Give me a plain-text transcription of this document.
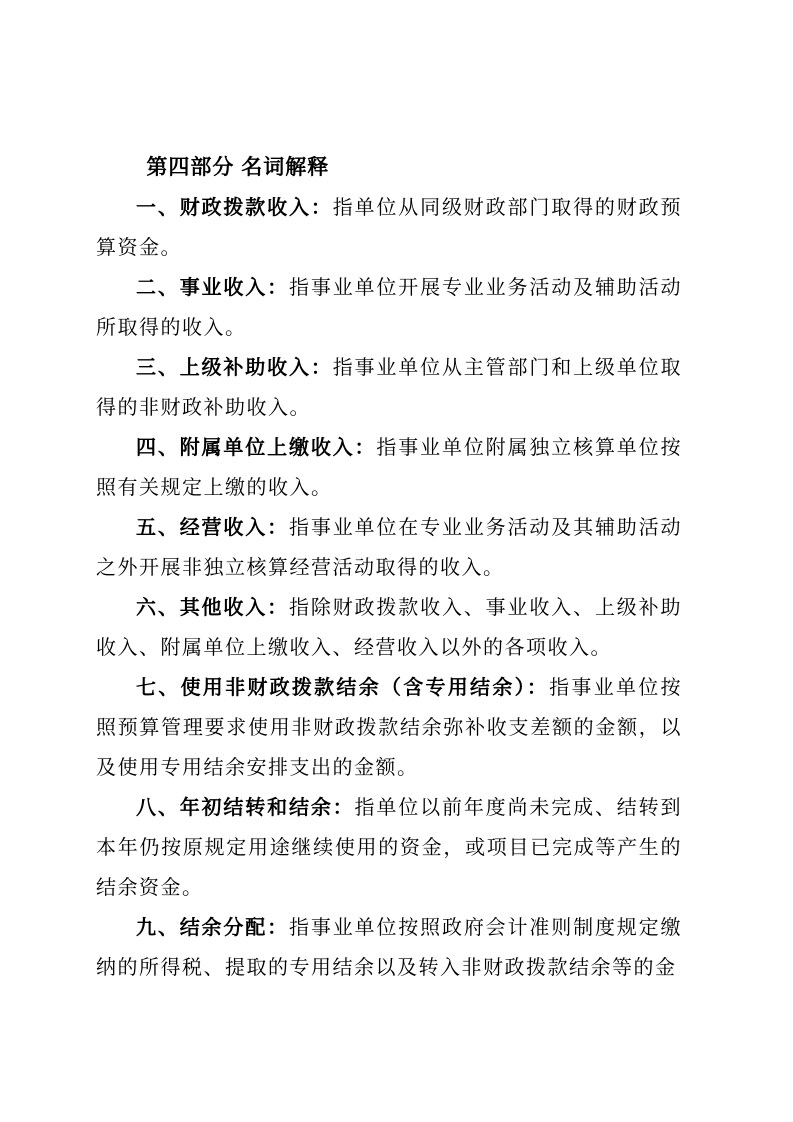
第四部分 名词解释

一、财政拨款收入：指单位从同级财政部门取得的财政预算资金。

二、事业收入：指事业单位开展专业业务活动及辅助活动所取得的收入。

三、上级补助收入：指事业单位从主管部门和上级单位取得的非财政补助收入。

四、附属单位上缴收入：指事业单位附属独立核算单位按照有关规定上缴的收入。

五、经营收入：指事业单位在专业业务活动及其辅助活动之外开展非独立核算经营活动取得的收入。

六、其他收入：指除财政拨款收入、事业收入、上级补助收入、附属单位上缴收入、经营收入以外的各项收入。

七、使用非财政拨款结余（含专用结余）：指事业单位按照预算管理要求使用非财政拨款结余弥补收支差额的金额，以及使用专用结余安排支出的金额。

八、年初结转和结余：指单位以前年度尚未完成、结转到本年仍按原规定用途继续使用的资金，或项目已完成等产生的结余资金。

九、结余分配：指事业单位按照政府会计准则制度规定缴纳的所得税、提取的专用结余以及转入非财政拨款结余等的金
